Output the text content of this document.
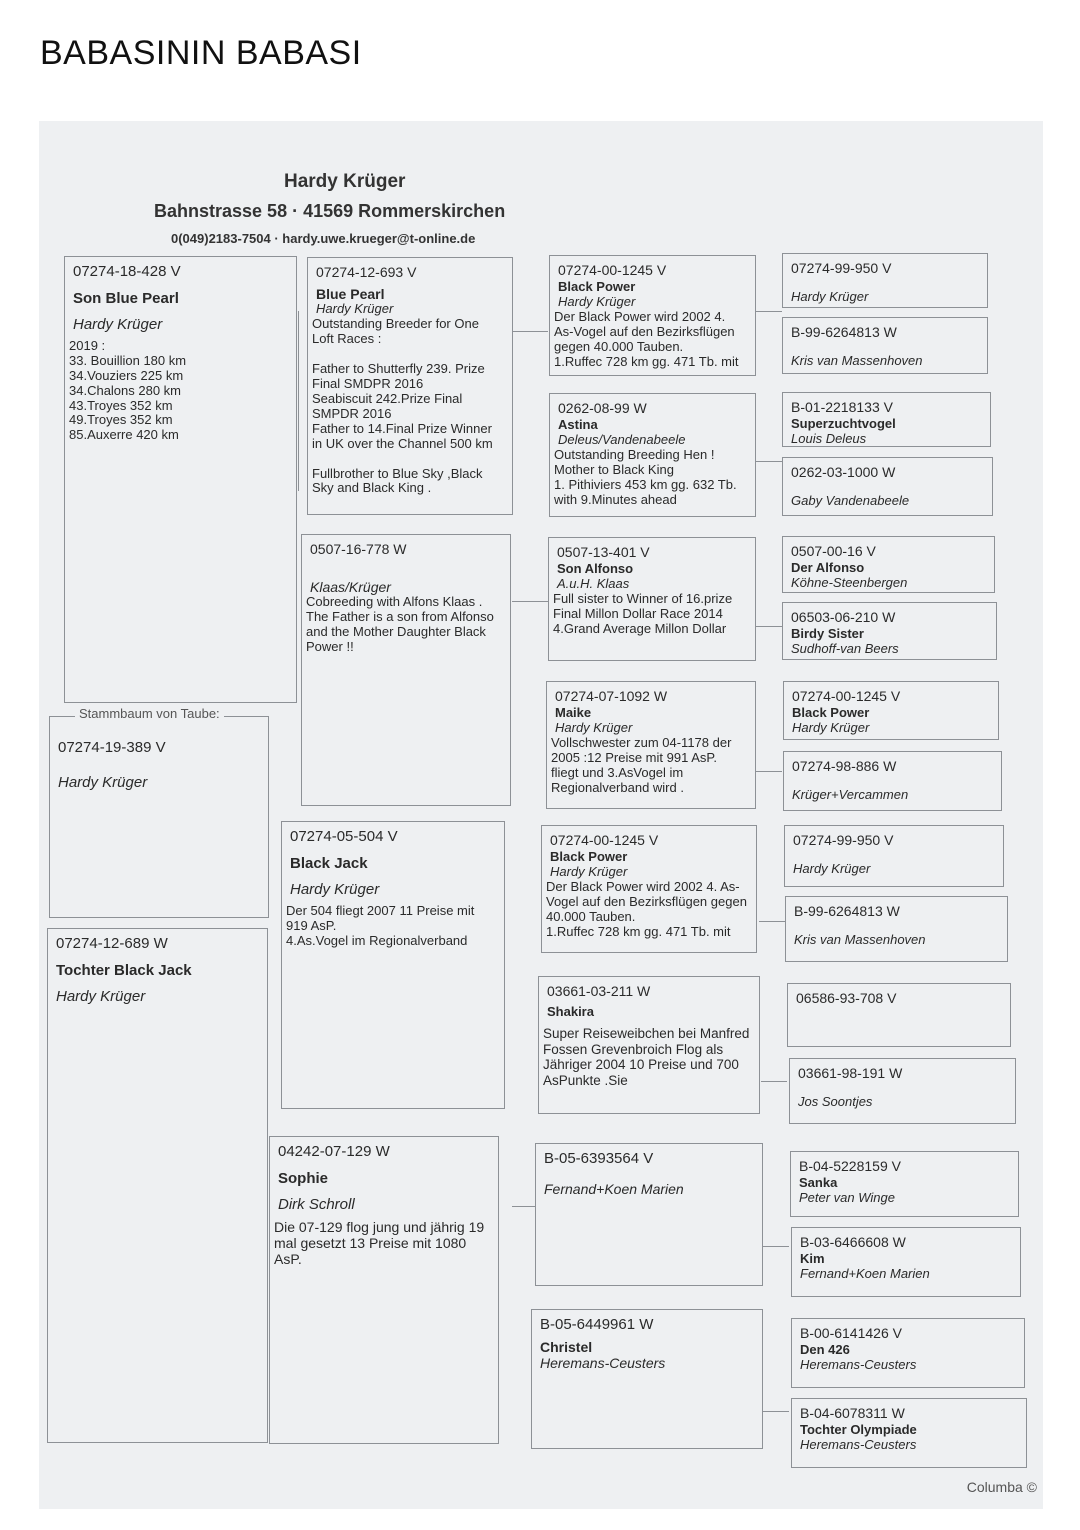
BABASININ BABASI
Hardy Krüger
Bahnstrasse 58 · 41569 Rommerskirchen
0(049)2183-7504 · hardy.uwe.krueger@t-online.de
07274-18-428 V
Son Blue Pearl
Hardy Krüger
2019 :
33. Bouillion 180 km
34.Vouziers 225 km
34.Chalons 280 km
43.Troyes 352 km
49.Troyes 352 km
85.Auxerre 420 km
07274-19-389 V
Hardy Krüger
Stammbaum von Taube:
07274-12-689 W
Tochter Black Jack
Hardy Krüger
07274-12-693 V
Blue Pearl
Hardy Krüger
Outstanding Breeder for One Loft Races :

Father to Shutterfly 239. Prize Final SMDPR 2016
Seabiscuit 242.Prize Final SMPDR 2016
Father to 14.Final Prize Winner in UK over the Channel 500 km

Fullbrother to Blue Sky ,Black Sky and Black King .
0507-16-778 W
Klaas/Krüger
Cobreeding with Alfons Klaas .
The Father is a son from Alfonso and the Mother Daughter Black Power !!
07274-05-504 V
Black Jack
Hardy Krüger
Der 504 fliegt 2007 11 Preise mit 919 AsP.
4.As.Vogel im Regionalverband
04242-07-129 W
Sophie
Dirk Schroll
Die 07-129 flog jung und jährig 19 mal gesetzt 13 Preise mit 1080 AsP.
07274-00-1245 V
Black Power
Hardy Krüger
Der Black Power wird 2002 4. As-Vogel auf den Bezirksflügen gegen 40.000 Tauben.
1.Ruffec 728 km gg. 471 Tb. mit
0262-08-99 W
Astina
Deleus/Vandenabeele
Outstanding Breeding Hen !
Mother to Black King
1. Pithiviers 453 km gg. 632 Tb. with 9.Minutes ahead
0507-13-401 V
Son Alfonso
A.u.H. Klaas
Full sister to Winner of 16.prize Final Millon Dollar Race 2014
4.Grand Average Millon Dollar
07274-07-1092 W
Maike
Hardy Krüger
Vollschwester zum 04-1178 der 2005 :12 Preise mit 991 AsP. fliegt und 3.AsVogel im Regionalverband wird .
07274-00-1245 V
Black Power
Hardy Krüger
Der Black Power wird 2002 4. As-Vogel auf den Bezirksflügen gegen 40.000 Tauben.
1.Ruffec 728 km gg. 471 Tb. mit
03661-03-211 W
Shakira
Super Reiseweibchen bei Manfred Fossen Grevenbroich Flog als Jähriger 2004 10 Preise und 700 AsPunkte .Sie
B-05-6393564 V
Fernand+Koen Marien
B-05-6449961 W
Christel
Heremans-Ceusters
07274-99-950 V
Hardy Krüger
B-99-6264813 W
Kris van Massenhoven
B-01-2218133 V
Superzuchtvogel
Louis Deleus
0262-03-1000 W
Gaby Vandenabeele
0507-00-16 V
Der Alfonso
Köhne-Steenbergen
06503-06-210 W
Birdy Sister
Sudhoff-van Beers
07274-00-1245 V
Black Power
Hardy Krüger
07274-98-886 W
Krüger+Vercammen
07274-99-950 V
Hardy Krüger
B-99-6264813 W
Kris van Massenhoven
06586-93-708 V
03661-98-191 W
Jos Soontjes
B-04-5228159 V
Sanka
Peter van Winge
B-03-6466608 W
Kim
Fernand+Koen Marien
B-00-6141426 V
Den 426
Heremans-Ceusters
B-04-6078311 W
Tochter Olympiade
Heremans-Ceusters
Columba ©
